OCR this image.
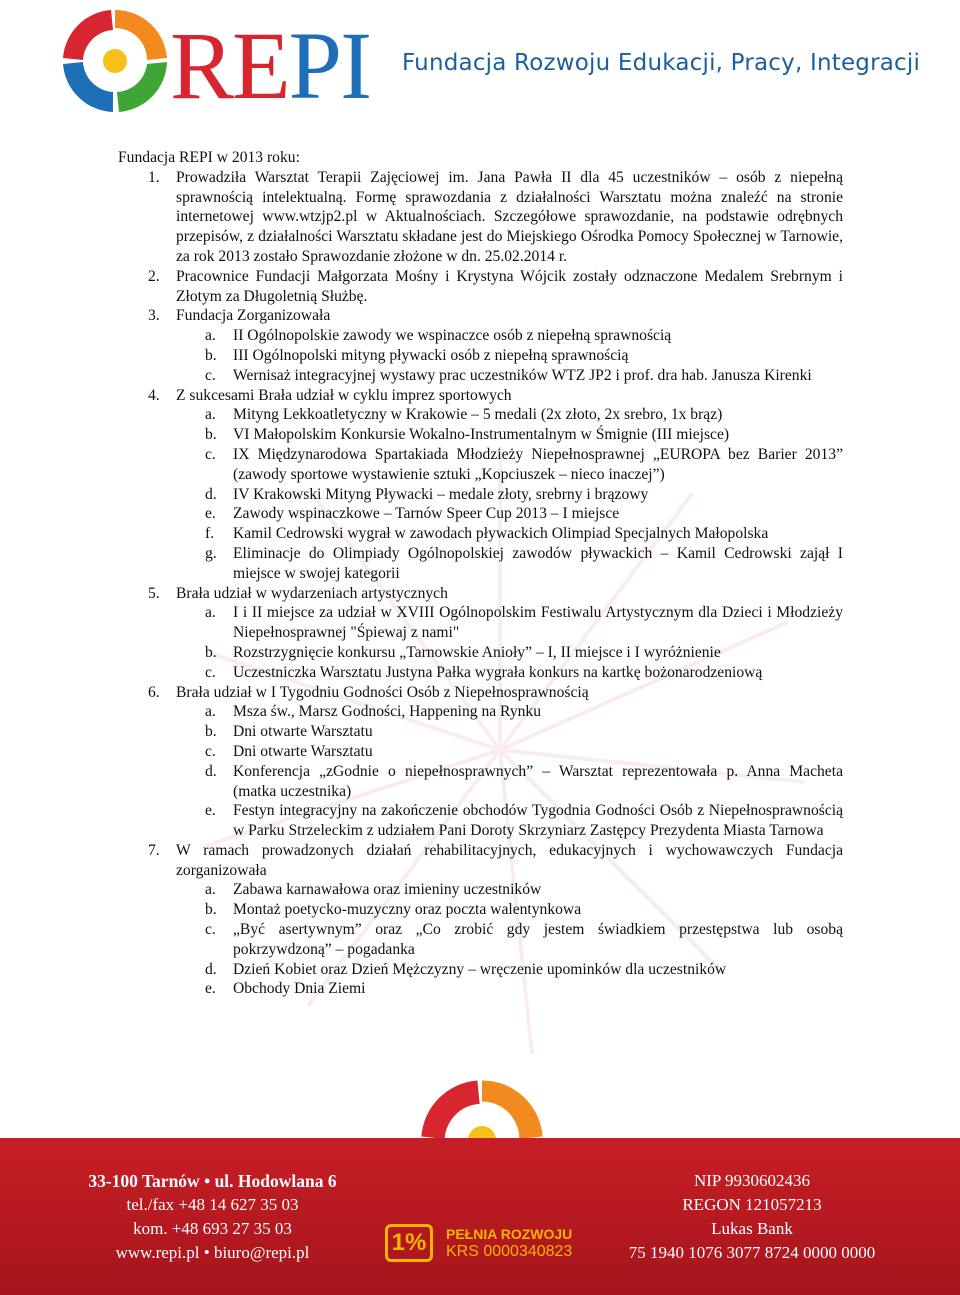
REPI Fundacja Rozwoju Edukacji, Pracy, Integracji

Fundacja REPI w 2013 roku:

1. Prowadziła Warsztat Terapii Zajęciowej im. Jana Pawła II dla 45 uczestników – osób z niepełną sprawnością intelektualną. Formę sprawozdania z działalności Warsztatu można znaleźć na stronie internetowej www.wtzjp2.pl w Aktualnościach. Szczegółowe sprawozdanie, na podstawie odrębnych przepisów, z działalności Warsztatu składane jest do Miejskiego Ośrodka Pomocy Społecznej w Tarnowie, za rok 2013 zostało Sprawozdanie złożone w dn. 25.02.2014 r.
2. Pracownice Fundacji Małgorzata Mośny i Krystyna Wójcik zostały odznaczone Medalem Srebrnym i Złotym za Długoletnią Służbę.
3. Fundacja Zorganizowała
a. II Ogólnopolskie zawody we wspinaczce osób z niepełną sprawnością
b. III Ogólnopolski mityng pływacki osób z niepełną sprawnością
c. Wernisaż integracyjnej wystawy prac uczestników WTZ JP2 i prof. dra hab. Janusza Kirenki
4. Z sukcesami Brała udział w cyklu imprez sportowych
a. Mityng Lekkoatletyczny w Krakowie – 5 medali (2x złoto, 2x srebro, 1x brąz)
b. VI Małopolskim Konkursie Wokalno-Instrumentalnym w Śmignie (III miejsce)
c. IX Międzynarodowa Spartakiada Młodzieży Niepełnosprawnej „EUROPA bez Barier 2013” (zawody sportowe wystawienie sztuki „Kopciuszek – nieco inaczej”)
d. IV Krakowski Mityng Pływacki – medale złoty, srebrny i brązowy
e. Zawody wspinaczkowe – Tarnów Speer Cup 2013 – I miejsce
f. Kamil Cedrowski wygrał w zawodach pływackich Olimpiad Specjalnych Małopolska
g. Eliminacje do Olimpiady Ogólnopolskiej zawodów pływackich – Kamil Cedrowski zajął I miejsce w swojej kategorii
5. Brała udział w wydarzeniach artystycznych
a. I i II miejsce za udział w XVIII Ogólnopolskim Festiwalu Artystycznym dla Dzieci i Młodzieży Niepełnosprawnej "Śpiewaj z nami"
b. Rozstrzygnięcie konkursu „Tarnowskie Anioły” – I, II miejsce i I wyróżnienie
c. Uczestniczka Warsztatu Justyna Pałka wygrała konkurs na kartkę bożonarodzeniową
6. Brała udział w I Tygodniu Godności Osób z Niepełnosprawnością
a. Msza św., Marsz Godności, Happening na Rynku
b. Dni otwarte Warsztatu
c. Dni otwarte Warsztatu
d. Konferencja „zGodnie o niepełnosprawnych” – Warsztat reprezentowała p. Anna Macheta (matka uczestnika)
e. Festyn integracyjny na zakończenie obchodów Tygodnia Godności Osób z Niepełnosprawnością w Parku Strzeleckim z udziałem Pani Doroty Skrzyniarz Zastępcy Prezydenta Miasta Tarnowa
7. W ramach prowadzonych działań rehabilitacyjnych, edukacyjnych i wychowawczych Fundacja zorganizowała
a. Zabawa karnawałowa oraz imieniny uczestników
b. Montaż poetycko-muzyczny oraz poczta walentynkowa
c. „Być asertywnym” oraz „Co zrobić gdy jestem świadkiem przestępstwa lub osobą pokrzywdzoną” – pogadanka
d. Dzień Kobiet oraz Dzień Mężczyzny – wręczenie upominków dla uczestników
e. Obchody Dnia Ziemi
33-100 Tarnów • ul. Hodowlana 6
tel./fax +48 14 627 35 03
kom. +48 693 27 35 03
www.repi.pl • biuro@repi.pl	1%	PEŁNIA ROZWOJU
KRS 0000340823
NIP 9930602436
REGON 121057213
Lukas Bank
75 1940 1076 3077 8724 0000 0000
